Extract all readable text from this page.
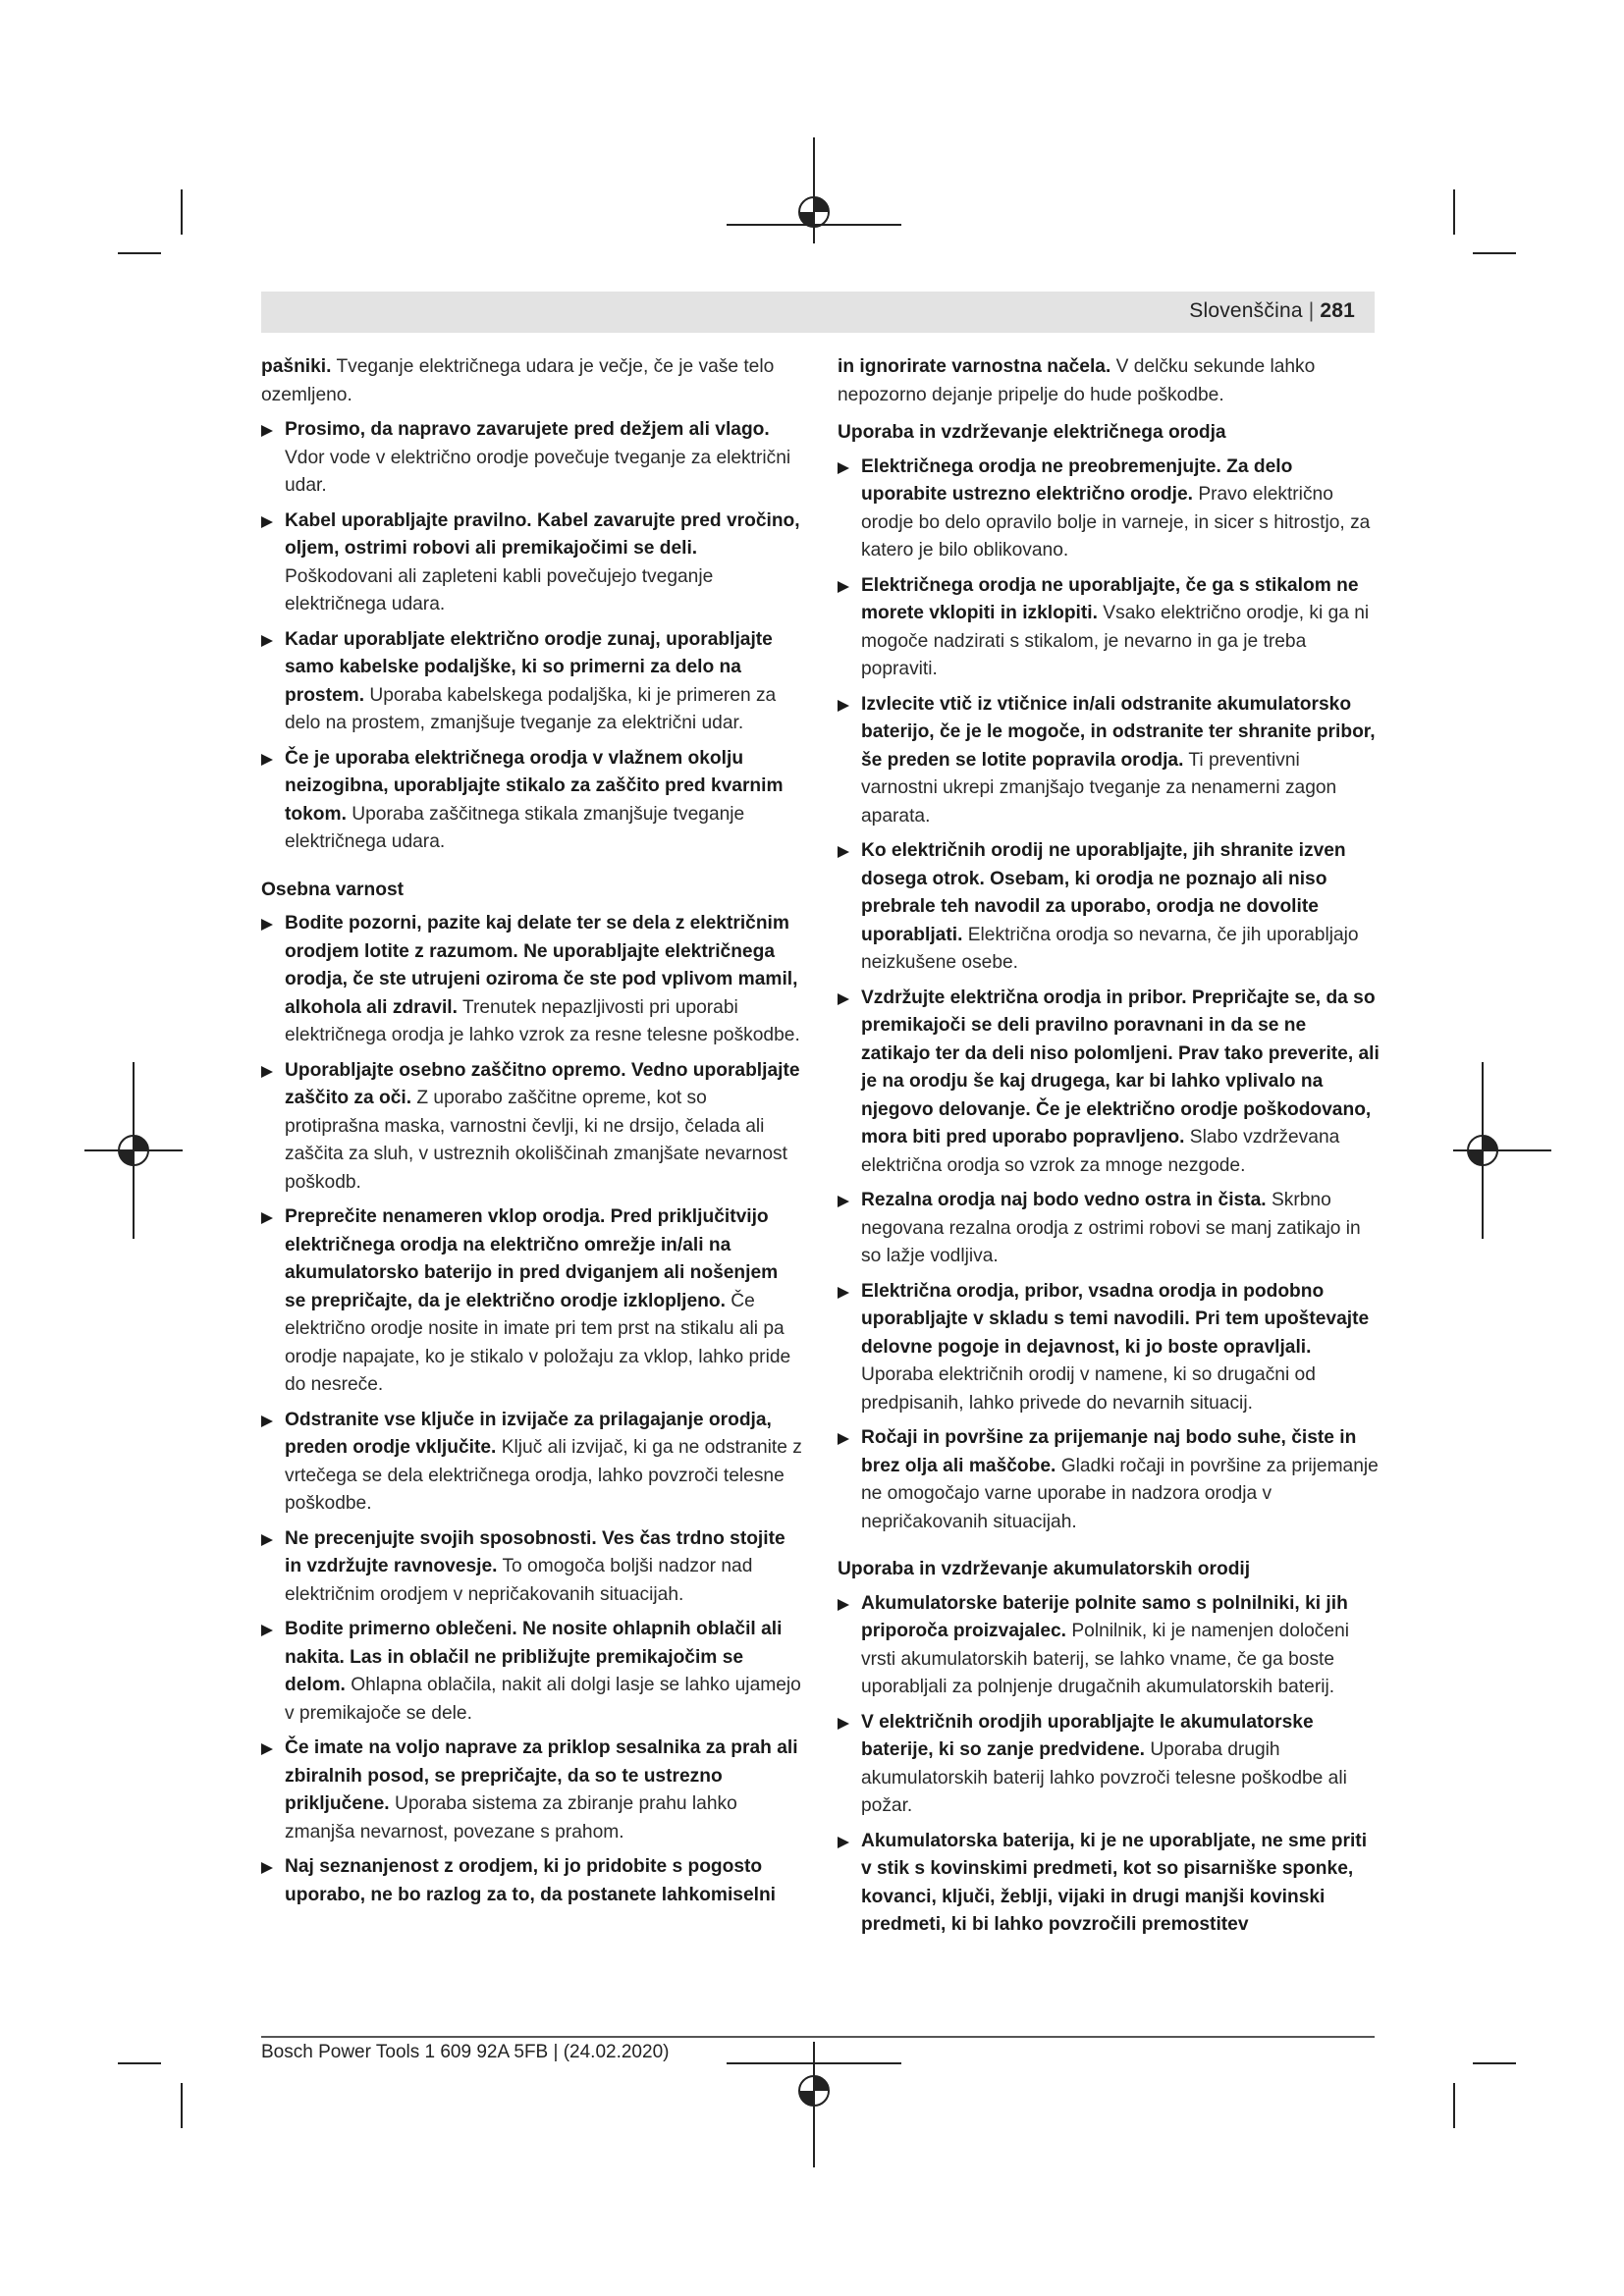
Slovenščina | 281

pašniki. Tveganje električnega udara je večje, če je vaše telo ozemljeno.

Prosimo, da napravo zavarujete pred dežjem ali vlago. Vdor vode v električno orodje povečuje tveganje za električni udar.
Kabel uporabljajte pravilno. Kabel zavarujte pred vročino, oljem, ostrimi robovi ali premikajočimi se deli. Poškodovani ali zapleteni kabli povečujejo tveganje električnega udara.
Kadar uporabljate električno orodje zunaj, uporabljajte samo kabelske podaljške, ki so primerni za delo na prostem. Uporaba kabelskega podaljška, ki je primeren za delo na prostem, zmanjšuje tveganje za električni udar.
Če je uporaba električnega orodja v vlažnem okolju neizogibna, uporabljajte stikalo za zaščito pred kvarnim tokom. Uporaba zaščitnega stikala zmanjšuje tveganje električnega udara.
Osebna varnost
Bodite pozorni, pazite kaj delate ter se dela z električnim orodjem lotite z razumom. Ne uporabljajte električnega orodja, če ste utrujeni oziroma če ste pod vplivom mamil, alkohola ali zdravil. Trenutek nepazljivosti pri uporabi električnega orodja je lahko vzrok za resne telesne poškodbe.
Uporabljajte osebno zaščitno opremo. Vedno uporabljajte zaščito za oči. Z uporabo zaščitne opreme, kot so protiprašna maska, varnostni čevlji, ki ne drsijo, čelada ali zaščita za sluh, v ustreznih okoliščinah zmanjšate nevarnost poškodb.
Preprečite nenameren vklop orodja. Pred priključitvijo električnega orodja na električno omrežje in/ali na akumulatorsko baterijo in pred dviganjem ali nošenjem se prepričajte, da je električno orodje izklopljeno. Če električno orodje nosite in imate pri tem prst na stikalu ali pa orodje napajate, ko je stikalo v položaju za vklop, lahko pride do nesreče.
Odstranite vse ključe in izvijače za prilagajanje orodja, preden orodje vključite. Ključ ali izvijač, ki ga ne odstranite z vrtečega se dela električnega orodja, lahko povzroči telesne poškodbe.
Ne precenjujte svojih sposobnosti. Ves čas trdno stojite in vzdržujte ravnovesje. To omogoča boljši nadzor nad električnim orodjem v nepričakovanih situacijah.
Bodite primerno oblečeni. Ne nosite ohlapnih oblačil ali nakita. Las in oblačil ne približujte premikajočim se delom. Ohlapna oblačila, nakit ali dolgi lasje se lahko ujamejo v premikajoče se dele.
Če imate na voljo naprave za priklop sesalnika za prah ali zbiralnih posod, se prepričajte, da so te ustrezno priključene. Uporaba sistema za zbiranje prahu lahko zmanjša nevarnost, povezane s prahom.
Naj seznanjenost z orodjem, ki jo pridobite s pogosto uporabo, ne bo razlog za to, da postanete lahkomiselni

in ignorirate varnostna načela. V delčku sekunde lahko nepozorno dejanje pripelje do hude poškodbe.

Uporaba in vzdrževanje električnega orodja
Električnega orodja ne preobremenjujte. Za delo uporabite ustrezno električno orodje. Pravo električno orodje bo delo opravilo bolje in varneje, in sicer s hitrostjo, za katero je bilo oblikovano.
Električnega orodja ne uporabljajte, če ga s stikalom ne morete vklopiti in izklopiti. Vsako električno orodje, ki ga ni mogoče nadzirati s stikalom, je nevarno in ga je treba popraviti.
Izvlecite vtič iz vtičnice in/ali odstranite akumulatorsko baterijo, če je le mogoče, in odstranite ter shranite pribor, še preden se lotite popravila orodja. Ti preventivni varnostni ukrepi zmanjšajo tveganje za nenamerni zagon aparata.
Ko električnih orodij ne uporabljajte, jih shranite izven dosega otrok. Osebam, ki orodja ne poznajo ali niso prebrale teh navodil za uporabo, orodja ne dovolite uporabljati. Električna orodja so nevarna, če jih uporabljajo neizkušene osebe.
Vzdržujte električna orodja in pribor. Prepričajte se, da so premikajoči se deli pravilno poravnani in da se ne zatikajo ter da deli niso polomljeni. Prav tako preverite, ali je na orodju še kaj drugega, kar bi lahko vplivalo na njegovo delovanje. Če je električno orodje poškodovano, mora biti pred uporabo popravljeno. Slabo vzdrževana električna orodja so vzrok za mnoge nezgode.
Rezalna orodja naj bodo vedno ostra in čista. Skrbno negovana rezalna orodja z ostrimi robovi se manj zatikajo in so lažje vodljiva.
Električna orodja, pribor, vsadna orodja in podobno uporabljajte v skladu s temi navodili. Pri tem upoštevajte delovne pogoje in dejavnost, ki jo boste opravljali. Uporaba električnih orodij v namene, ki so drugačni od predpisanih, lahko privede do nevarnih situacij.
Ročaji in površine za prijemanje naj bodo suhe, čiste in brez olja ali maščobe. Gladki ročaji in površine za prijemanje ne omogočajo varne uporabe in nadzora orodja v nepričakovanih situacijah.
Uporaba in vzdrževanje akumulatorskih orodij
Akumulatorske baterije polnite samo s polnilniki, ki jih priporoča proizvajalec. Polnilnik, ki je namenjen določeni vrsti akumulatorskih baterij, se lahko vname, če ga boste uporabljali za polnjenje drugačnih akumulatorskih baterij.
V električnih orodjih uporabljajte le akumulatorske baterije, ki so zanje predvidene. Uporaba drugih akumulatorskih baterij lahko povzroči telesne poškodbe ali požar.
Akumulatorska baterija, ki je ne uporabljate, ne sme priti v stik s kovinskimi predmeti, kot so pisarniške sponke, kovanci, ključi, žeblji, vijaki in drugi manjši kovinski predmeti, ki bi lahko povzročili premostitev
Bosch Power Tools 1 609 92A 5FB | (24.02.2020)
